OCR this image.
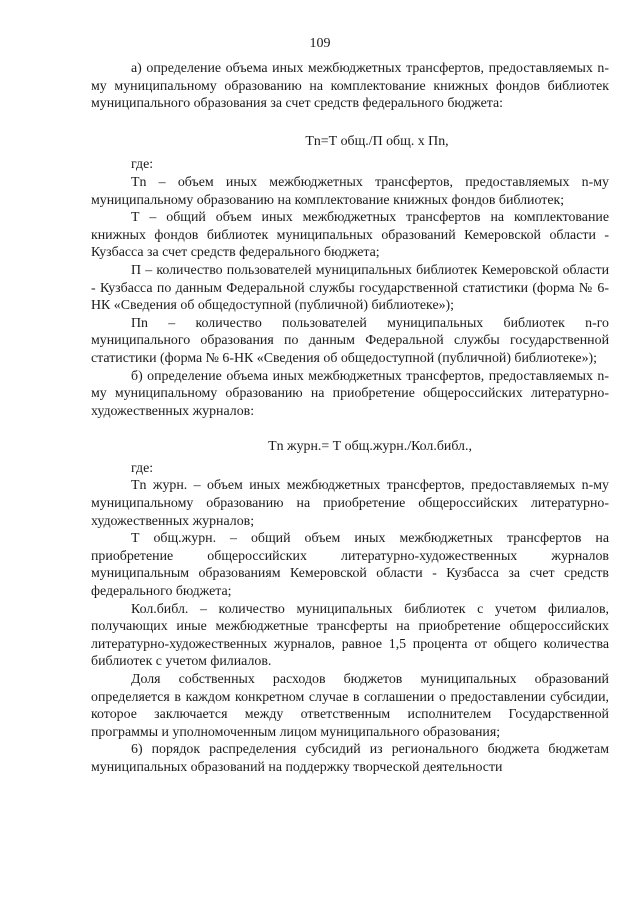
109

а) определение объема иных межбюджетных трансфертов, предоставляемых n-му муниципальному образованию на комплектование книжных фондов библиотек муниципального образования за счет средств федерального бюджета:

Тn=Т общ./П общ. х Пn,

где:

Тn – объем иных межбюджетных трансфертов, предоставляемых n-му муниципальному образованию на комплектование книжных фондов библиотек;

Т – общий объем иных межбюджетных трансфертов на комплектование книжных фондов библиотек муниципальных образований Кемеровской области - Кузбасса за счет средств федерального бюджета;

П – количество пользователей муниципальных библиотек Кемеровской области - Кузбасса по данным Федеральной службы государственной статистики (форма № 6-НК «Сведения об общедоступной (публичной) библиотеке»);

Пn – количество пользователей муниципальных библиотек n-го муниципального образования по данным Федеральной службы государственной статистики (форма № 6-НК «Сведения об общедоступной (публичной) библиотеке»);

б) определение объема иных межбюджетных трансфертов, предоставляемых n-му муниципальному образованию на приобретение общероссийских литературно-художественных журналов:

Тn журн.= Т общ.журн./Кол.библ.,

где:

Тn журн. – объем иных межбюджетных трансфертов, предоставляемых n-му муниципальному образованию на приобретение общероссийских литературно-художественных журналов;

Т общ.журн. – общий объем иных межбюджетных трансфертов на приобретение общероссийских литературно-художественных журналов муниципальным образованиям Кемеровской области - Кузбасса за счет средств федерального бюджета;

Кол.библ. – количество муниципальных библиотек с учетом филиалов, получающих иные межбюджетные трансферты на приобретение общероссийских литературно-художественных журналов, равное 1,5 процента от общего количества библиотек с учетом филиалов.

Доля собственных расходов бюджетов муниципальных образований определяется в каждом конкретном случае в соглашении о предоставлении субсидии, которое заключается между ответственным исполнителем Государственной программы и уполномоченным лицом муниципального образования;

6) порядок распределения субсидий из регионального бюджета бюджетам муниципальных образований на поддержку творческой деятельности
